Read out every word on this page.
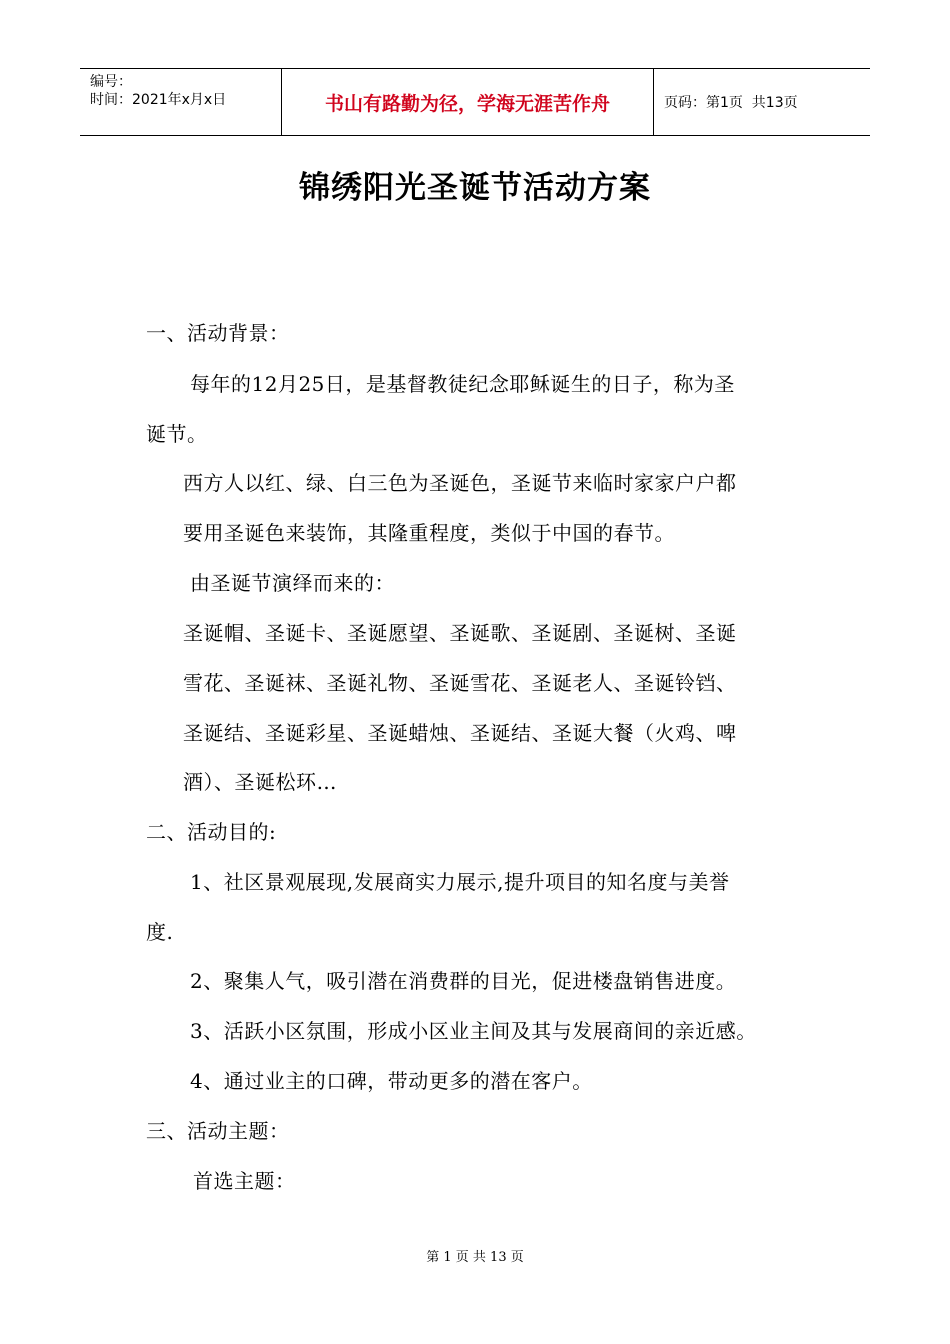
编号：
时间：2021年x月x日	书山有路勤为径，学海无涯苦作舟	页码：第1页  共13页
锦绣阳光圣诞节活动方案
一、活动背景：
每年的12月25日，是基督教徒纪念耶稣诞生的日子，称为圣
诞节。
西方人以红、绿、白三色为圣诞色，圣诞节来临时家家户户都
要用圣诞色来装饰，其隆重程度，类似于中国的春节。
由圣诞节演绎而来的：
圣诞帽、圣诞卡、圣诞愿望、圣诞歌、圣诞剧、圣诞树、圣诞
雪花、圣诞袜、圣诞礼物、圣诞雪花、圣诞老人、圣诞铃铛、
圣诞结、圣诞彩星、圣诞蜡烛、圣诞结、圣诞大餐（火鸡、啤
酒）、圣诞松环…
二、活动目的:
1、社区景观展现,发展商实力展示,提升项目的知名度与美誉
度.
2、聚集人气，吸引潜在消费群的目光，促进楼盘销售进度。
3、活跃小区氛围，形成小区业主间及其与发展商间的亲近感。
4、通过业主的口碑，带动更多的潜在客户。
三、活动主题：
首选主题：
第 1 页 共 13 页
